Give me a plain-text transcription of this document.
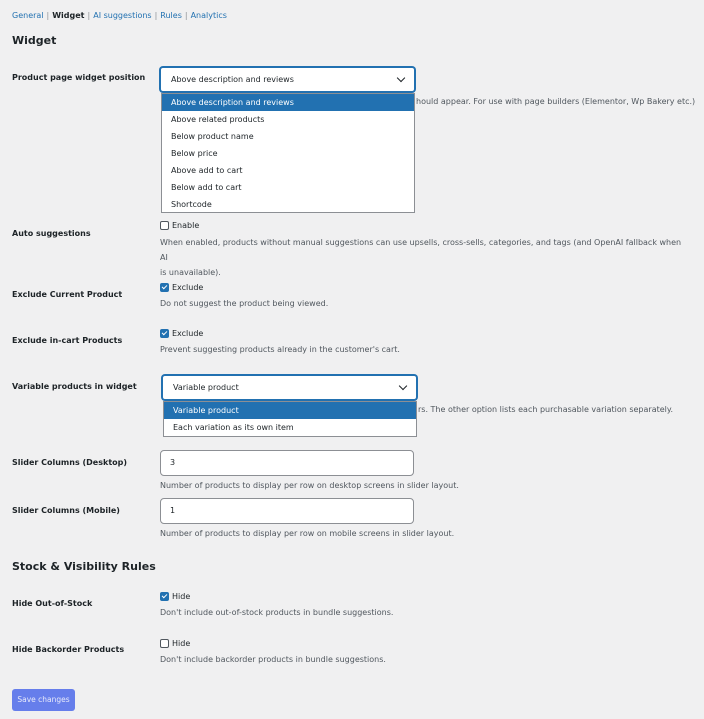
General | Widget | AI suggestions | Rules | Analytics
Widget
Product page widget position
hould appear. For use with page builders (Elementor, Wp Bakery etc.)
Auto suggestions
Enable
When enabled, products without manual suggestions can use upsells, cross-sells, categories, and tags (and OpenAI fallback when AI
is unavailable).
Exclude Current Product
Exclude
Do not suggest the product being viewed.
Exclude in-cart Products
Exclude
Prevent suggesting products already in the customer's cart.
Variable products in widget
rs. The other option lists each purchasable variation separately.
Slider Columns (Desktop)	3
Number of products to display per row on desktop screens in slider layout.
Slider Columns (Mobile)	1
Number of products to display per row on mobile screens in slider layout.
Stock & Visibility Rules
Hide Out-of-Stock
Hide
Don't include out-of-stock products in bundle suggestions.
Hide Backorder Products
Hide
Don't include backorder products in bundle suggestions.
Save changes
Above description and reviews
Above description and reviews
Above related products
Below product name
Below price
Above add to cart
Below add to cart
Shortcode
Variable product
Variable product
Each variation as its own item
